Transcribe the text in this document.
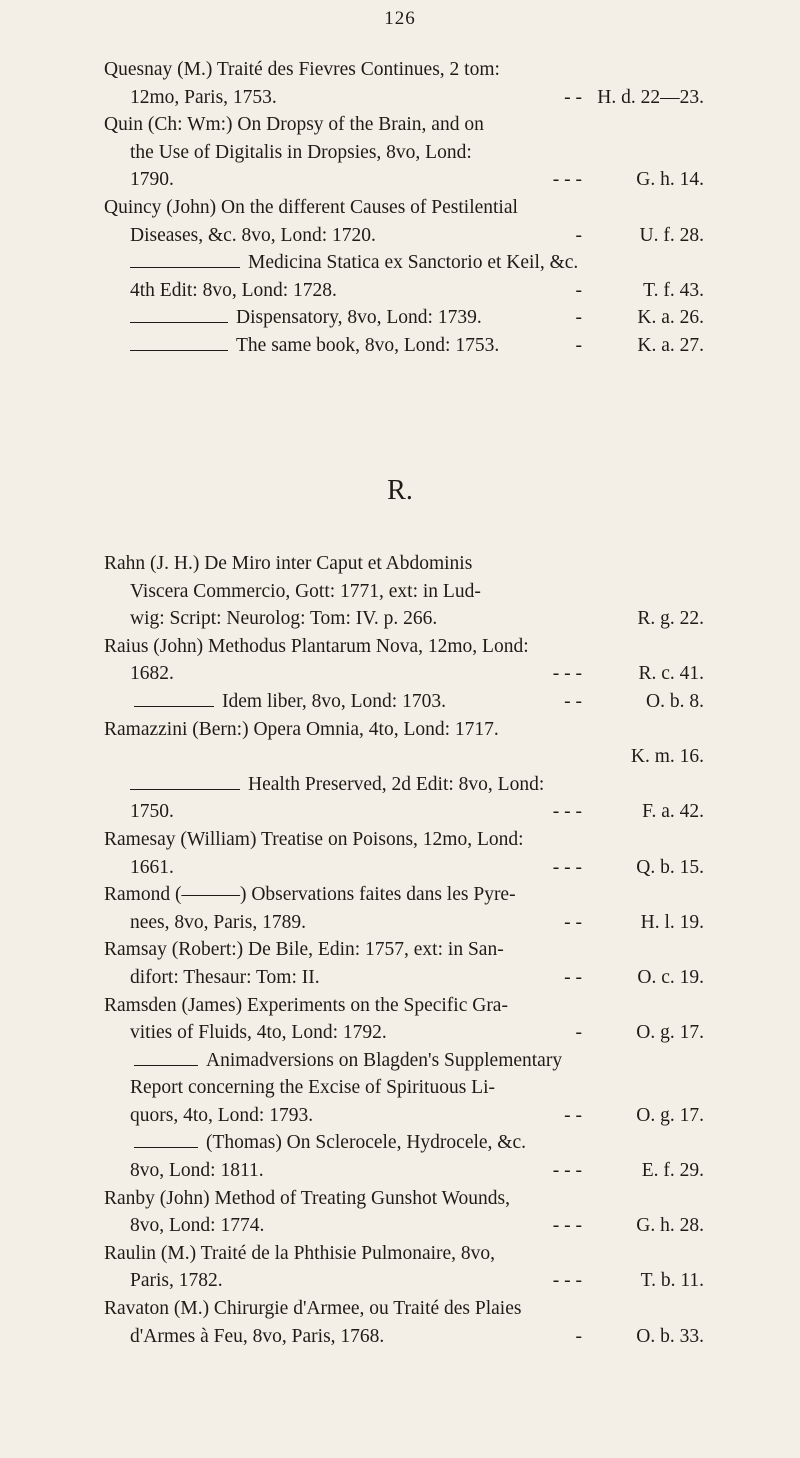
126
Quesnay (M.) Traité des Fievres Continues, 2 tom:
12mo, Paris, 1753.	- - H. d. 22—23.
Quin (Ch: Wm:) On Dropsy of the Brain, and on
the Use of Digitalis in Dropsies, 8vo, Lond:
1790.	- - -	G. h. 14.
Quincy (John) On the different Causes of Pestilential
Diseases, &c. 8vo, Lond: 1720.	-	U. f. 28.
Medicina Statica ex Sanctorio et Keil, &c.
4th Edit: 8vo, Lond: 1728.	-	T. f. 43.
Dispensatory, 8vo, Lond: 1739.	-	K. a. 26.
The same book, 8vo, Lond: 1753.	-	K. a. 27.
R.
Rahn (J. H.) De Miro inter Caput et Abdominis
Viscera Commercio, Gott: 1771, ext: in Lud-
wig: Script: Neurolog: Tom: IV. p. 266.	R. g. 22.
Raius (John) Methodus Plantarum Nova, 12mo, Lond:
1682.	- - -	R. c. 41.
Idem liber, 8vo, Lond: 1703.	- -	O. b. 8.
Ramazzini (Bern:) Opera Omnia, 4to, Lond: 1717.
K. m. 16.
Health Preserved, 2d Edit: 8vo, Lond:
1750.	- - -	F. a. 42.
Ramesay (William) Treatise on Poisons, 12mo, Lond:
1661.	- - -	Q. b. 15.
Ramond (———) Observations faites dans les Pyre-
nees, 8vo, Paris, 1789.	- -	H. l. 19.
Ramsay (Robert:) De Bile, Edin: 1757, ext: in San-
difort: Thesaur: Tom: II.	- -	O. c. 19.
Ramsden (James) Experiments on the Specific Gra-
vities of Fluids, 4to, Lond: 1792.	-	O. g. 17.
Animadversions on Blagden's Supplementary
Report concerning the Excise of Spirituous Li-
quors, 4to, Lond: 1793.	- -	O. g. 17.
(Thomas) On Sclerocele, Hydrocele, &c.
8vo, Lond: 1811.	- - -	E. f. 29.
Ranby (John) Method of Treating Gunshot Wounds,
8vo, Lond: 1774.	- - -	G. h. 28.
Raulin (M.) Traité de la Phthisie Pulmonaire, 8vo,
Paris, 1782.	- - -	T. b. 11.
Ravaton (M.) Chirurgie d'Armee, ou Traité des Plaies
d'Armes à Feu, 8vo, Paris, 1768.	-	O. b. 33.
